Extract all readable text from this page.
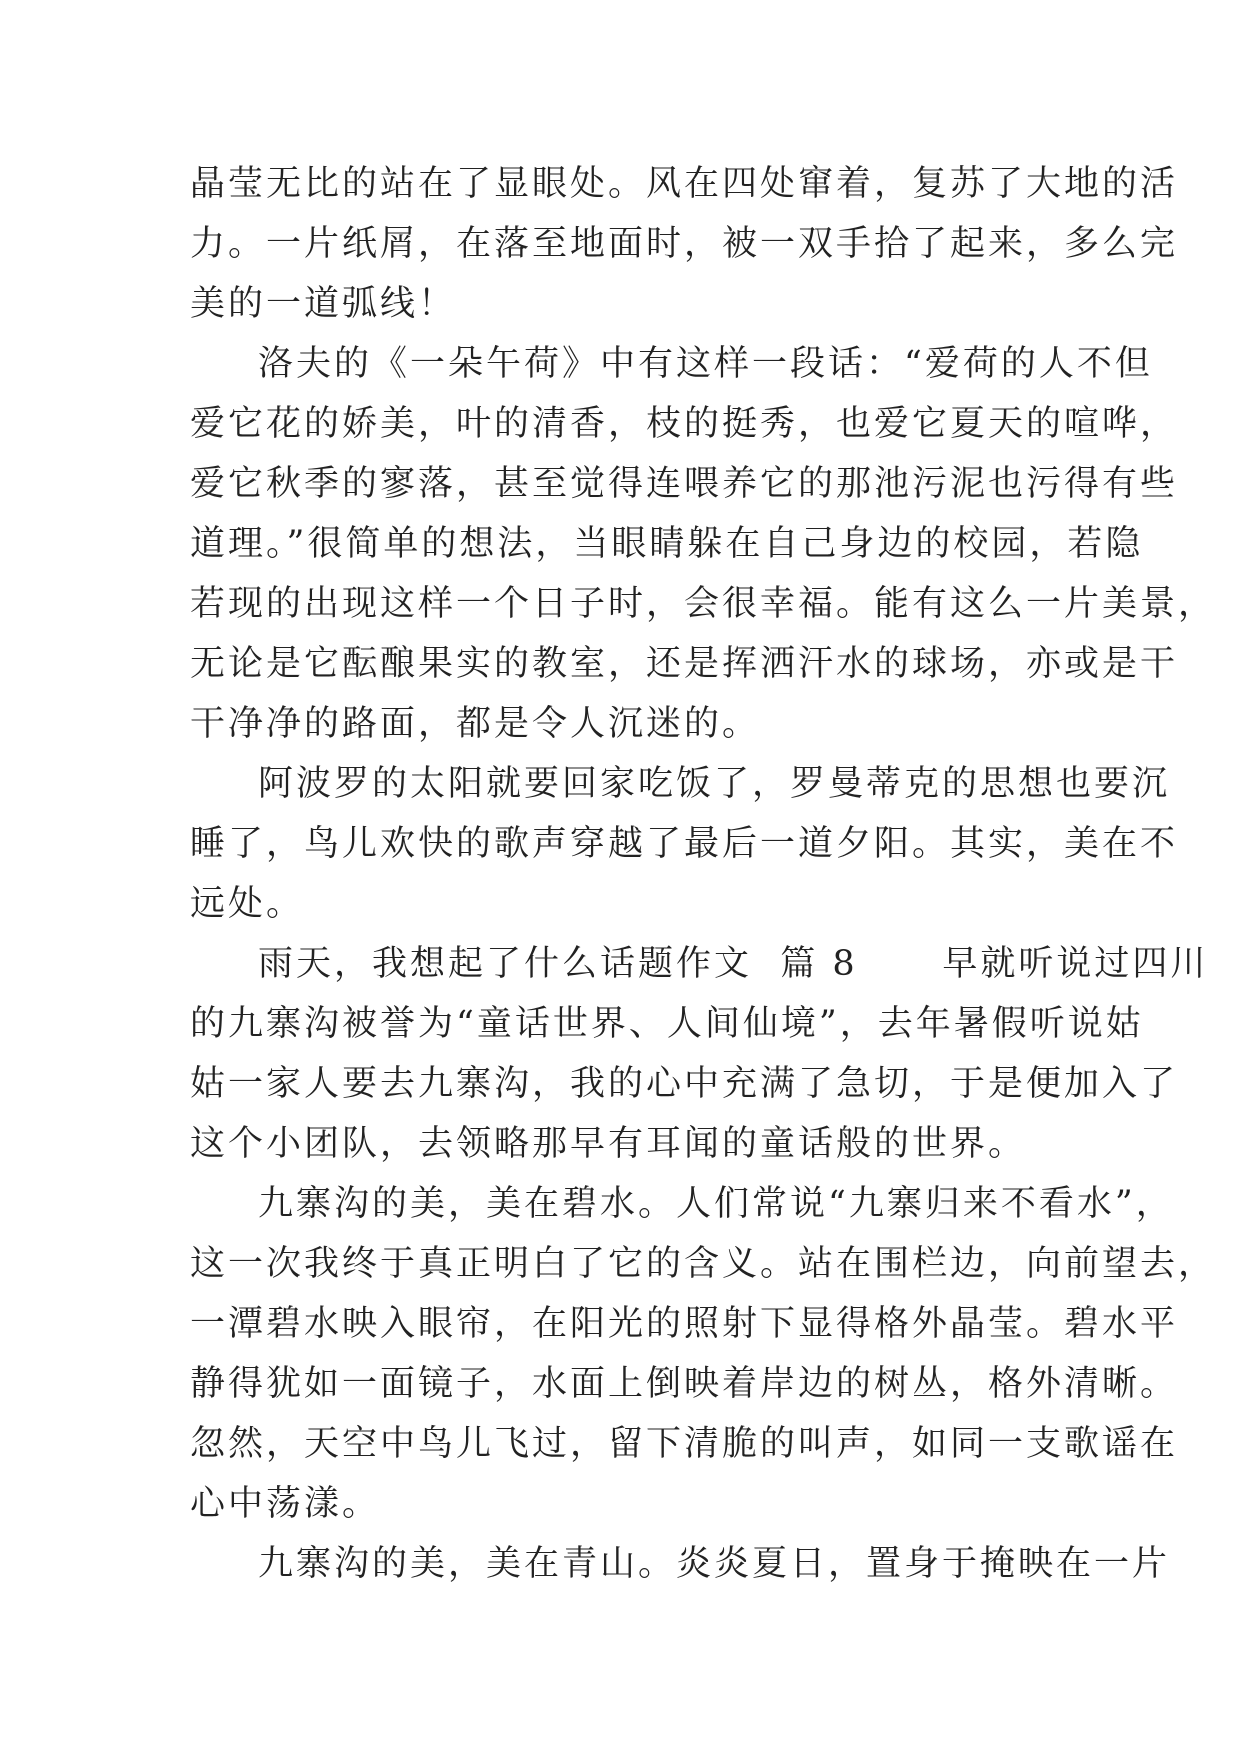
晶莹无比的站在了显眼处。风在四处窜着，复苏了大地的活
力。一片纸屑，在落至地面时，被一双手拾了起来，多么完
美的一道弧线！
洛夫的《一朵午荷》中有这样一段话：“爱荷的人不但
爱它花的娇美，叶的清香，枝的挺秀，也爱它夏天的喧哗，
爱它秋季的寥落，甚至觉得连喂养它的那池污泥也污得有些
道理。”很简单的想法，当眼睛躲在自己身边的校园，若隐
若现的出现这样一个日子时，会很幸福。能有这么一片美景，
无论是它酝酿果实的教室，还是挥洒汗水的球场，亦或是干
干净净的路面，都是令人沉迷的。
阿波罗的太阳就要回家吃饭了，罗曼蒂克的思想也要沉
睡了，鸟儿欢快的歌声穿越了最后一道夕阳。其实，美在不
远处。
雨天，我想起了什么话题作文  篇 8      早就听说过四川
的九寨沟被誉为“童话世界、人间仙境”，去年暑假听说姑
姑一家人要去九寨沟，我的心中充满了急切，于是便加入了
这个小团队，去领略那早有耳闻的童话般的世界。
九寨沟的美，美在碧水。人们常说“九寨归来不看水”，
这一次我终于真正明白了它的含义。站在围栏边，向前望去，
一潭碧水映入眼帘，在阳光的照射下显得格外晶莹。碧水平
静得犹如一面镜子，水面上倒映着岸边的树丛，格外清晰。
忽然，天空中鸟儿飞过，留下清脆的叫声，如同一支歌谣在
心中荡漾。
九寨沟的美，美在青山。炎炎夏日，置身于掩映在一片
